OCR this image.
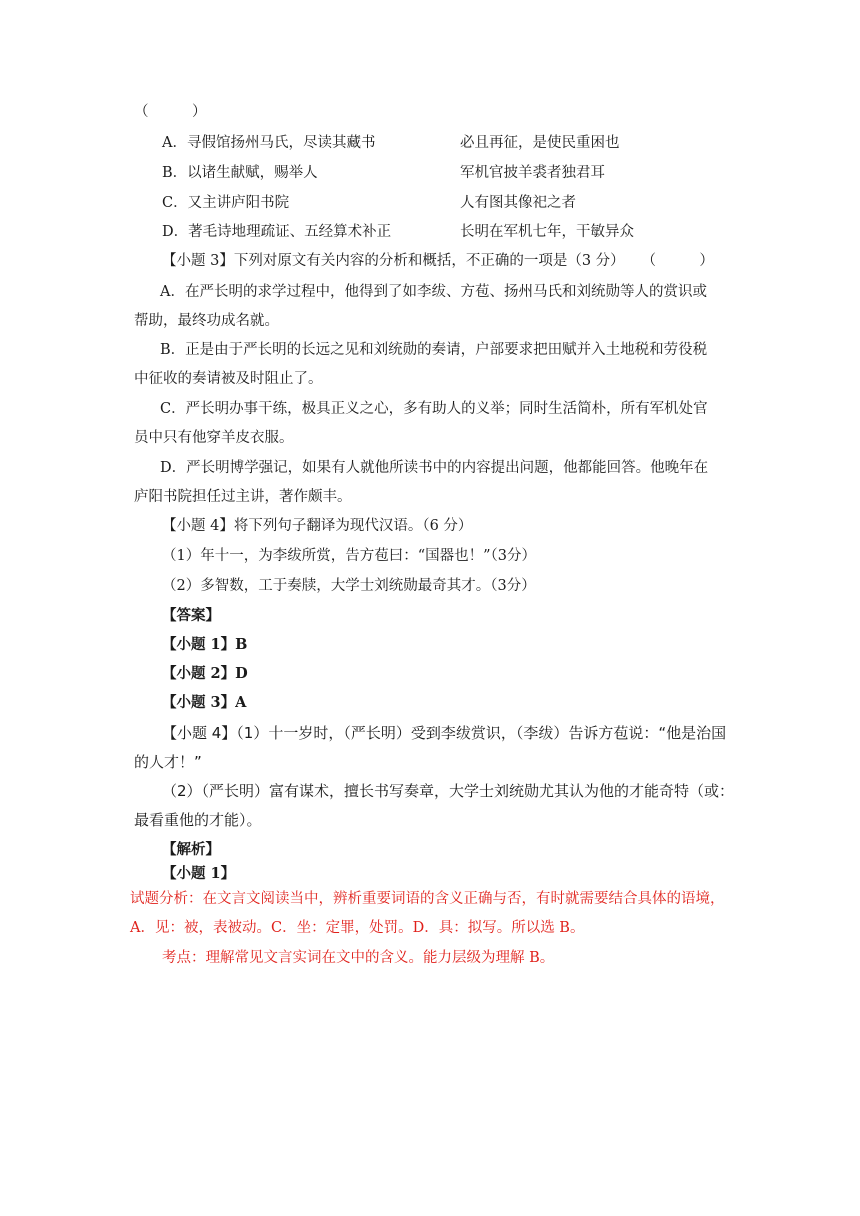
（　　　）
A．寻假馆扬州马氏，尽读其藏书	必且再征，是使民重困也
B．以诸生献赋，赐举人	军机官披羊裘者独君耳
C．又主讲庐阳书院	人有图其像祀之者
D．著毛诗地理疏证、五经算术补正	长明在军机七年，干敏异众
【小题 3】下列对原文有关内容的分析和概括，不正确的一项是（3 分） （　　　）
A．在严长明的求学过程中，他得到了如李绂、方苞、扬州马氏和刘统勋等人的赏识或
帮助，最终功成名就。
B．正是由于严长明的长远之见和刘统勋的奏请，户部要求把田赋并入土地税和劳役税
中征收的奏请被及时阻止了。
C．严长明办事干练，极具正义之心，多有助人的义举；同时生活简朴，所有军机处官
员中只有他穿羊皮衣服。
D．严长明博学强记，如果有人就他所读书中的内容提出问题，他都能回答。他晚年在
庐阳书院担任过主讲，著作颇丰。
【小题 4】将下列句子翻译为现代汉语。（6 分）
（1）年十一，为李绂所赏，告方苞曰：“国器也！”（3分）
（2）多智数，工于奏牍，大学士刘统勋最奇其才。（3分）
【答案】
【小题 1】B
【小题 2】D
【小题 3】A
【小题 4】（1）十一岁时，（严长明）受到李绂赏识，（李绂）告诉方苞说：“他是治国
的人才！”
（2）（严长明）富有谋术，擅长书写奏章，大学士刘统勋尤其认为他的才能奇特（或：
最看重他的才能）。
【解析】
【小题 1】
试题分析：在文言文阅读当中，辨析重要词语的含义正确与否，有时就需要结合具体的语境，
A．见：被，表被动。C．坐：定罪，处罚。D．具：拟写。所以选 B。
考点：理解常见文言实词在文中的含义。能力层级为理解 B。
